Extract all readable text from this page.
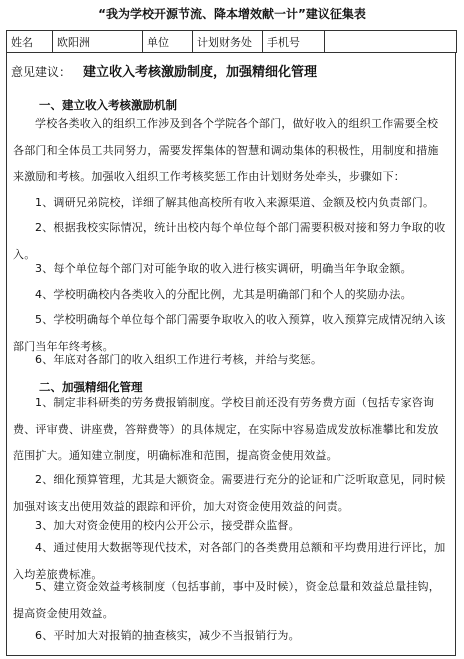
“我为学校开源节流、降本增效献一计”建议征集表
姓名	欧阳洲	单位	计划财务处	手机号	
意见建议： 建立收入考核激励制度，加强精细化管理
一、建立收入考核激励机制
学校各类收入的组织工作涉及到各个学院各个部门，做好收入的组织工作需要全校各部门和全体员工共同努力，需要发挥集体的智慧和调动集体的积极性，用制度和措施来激励和考核。加强收入组织工作考核奖惩工作由计划财务处牵头，步骤如下：
1、调研兄弟院校，详细了解其他高校所有收入来源渠道、金额及校内负责部门。
2、根据我校实际情况，统计出校内每个单位每个部门需要积极对接和努力争取的收入。
3、每个单位每个部门对可能争取的收入进行核实调研，明确当年争取金额。
4、学校明确校内各类收入的分配比例，尤其是明确部门和个人的奖励办法。
5、学校明确每个单位每个部门需要争取收入的收入预算，收入预算完成情况纳入该部门当年年终考核。
6、年底对各部门的收入组织工作进行考核，并给与奖惩。
二、加强精细化管理
1、制定非科研类的劳务费报销制度。学校目前还没有劳务费方面（包括专家咨询费、评审费、讲座费，答辩费等）的具体规定，在实际中容易造成发放标准攀比和发放范围扩大。通知建立制度，明确标准和范围，提高资金使用效益。
2、细化预算管理，尤其是大额资金。需要进行充分的论证和广泛听取意见，同时候加强对该支出使用效益的跟踪和评价，加大对资金使用效益的问责。
3、加大对资金使用的校内公开公示，接受群众监督。
4、通过使用大数据等现代技术，对各部门的各类费用总额和平均费用进行评比，加入均差旅费标准。
5、建立资金效益考核制度（包括事前，事中及时候），资金总量和效益总量挂钩，提高资金使用效益。
6、平时加大对报销的抽查核实，减少不当报销行为。
